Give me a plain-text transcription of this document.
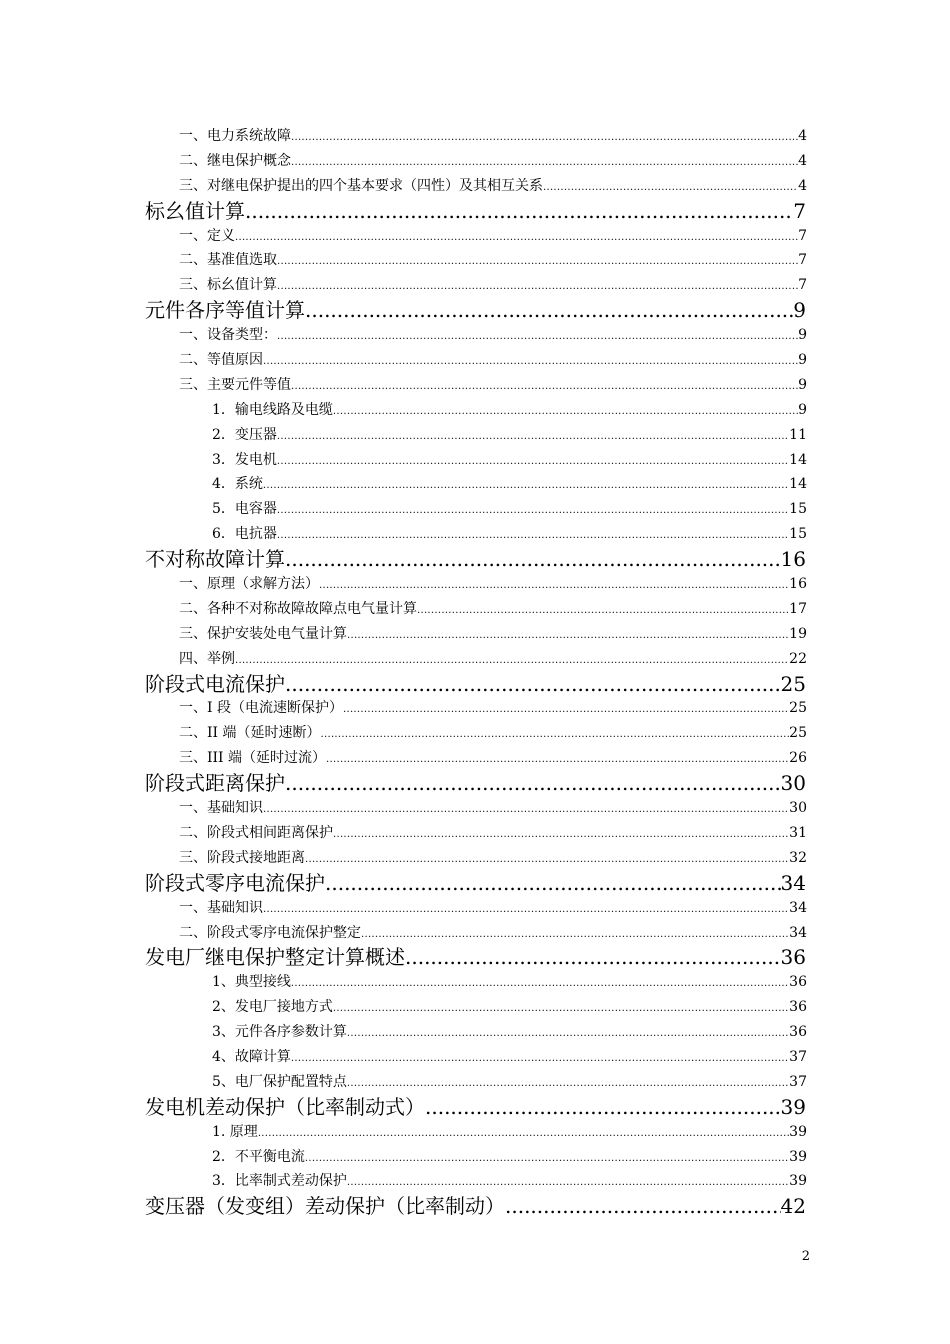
一、电力系统故障 .....	4
二、继电保护概念 .....	4
三、对继电保护提出的四个基本要求（四性）及其相互关系 .....	4
标幺值计算 .....	7
一、定义 .....	7
二、基准值选取 .....	7
三、标幺值计算 .....	7
元件各序等值计算 .....	9
一、设备类型： .....	9
二、等值原因 .....	9
三、主要元件等值 .....	9
1．输电线路及电缆 .....	9
2．变压器 .....	11
3．发电机 .....	14
4．系统 .....	14
5．电容器 .....	15
6．电抗器 .....	15
不对称故障计算 .....	16
一、原理（求解方法） .....	16
二、各种不对称故障故障点电气量计算 .....	17
三、保护安装处电气量计算 .....	19
四、举例 .....	22
阶段式电流保护 .....	25
一、I 段（电流速断保护） .....	25
二、II 端（延时速断） .....	25
三、III 端（延时过流） .....	26
阶段式距离保护 .....	30
一、基础知识 .....	30
二、阶段式相间距离保护 .....	31
三、阶段式接地距离 .....	32
阶段式零序电流保护 .....	34
一、基础知识 .....	34
二、阶段式零序电流保护整定 .....	34
发电厂继电保护整定计算概述 .....	36
1、典型接线 .....	36
2、发电厂接地方式 .....	36
3、元件各序参数计算 .....	36
4、故障计算 .....	37
5、电厂保护配置特点 .....	37
发电机差动保护（比率制动式） .....	39
1. 原理 .....	39
2．不平衡电流 .....	39
3．比率制式差动保护 .....	39
变压器（发变组）差动保护（比率制动） .....	42
2
